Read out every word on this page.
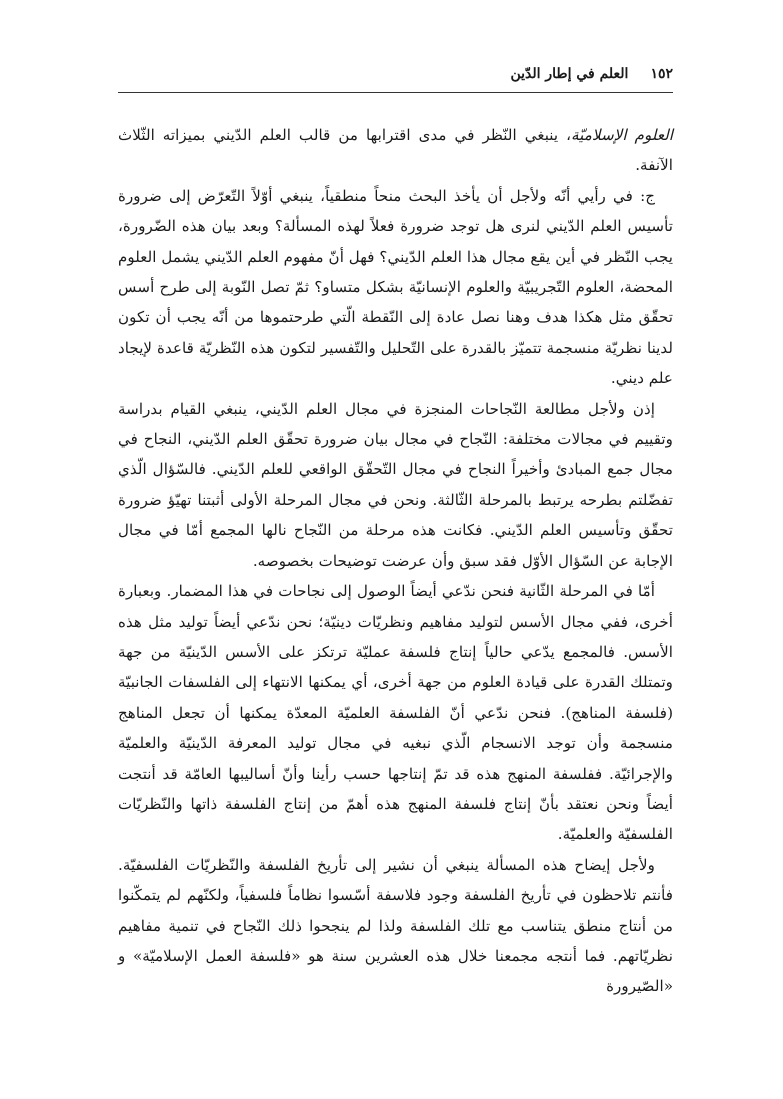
١٥٢
العلم في إطار الدّين

العلوم الإسلاميّة، ينبغي النّظر في مدى اقترابها من قالب العلم الدّيني بميزاته الثّلاث الآنفة.

ج: في رأيي أنّه ولأجل أن يأخذ البحث منحاً منطقياً، ينبغي أوّلاً التّعرّض إلى ضرورة تأسيس العلم الدّيني لنرى هل توجد ضرورة فعلاً لهذه المسألة؟ وبعد بيان هذه الضّرورة، يجب النّظر في أين يقع مجال هذا العلم الدّيني؟ فهل أنّ مفهوم العلم الدّيني يشمل العلوم المحضة، العلوم التّجريبيّة والعلوم الإنسانيّة بشكل متساو؟ ثمّ تصل النّوبة إلى طرح أسس تحقّق مثل هكذا هدف وهنا نصل عادة إلى النّقطة الّتي طرحتموها من أنّه يجب أن تكون لدينا نظريّة منسجمة تتميّز بالقدرة على التّحليل والتّفسير لتكون هذه النّظريّة قاعدة لإيجاد علم ديني.

إذن ولأجل مطالعة النّجاحات المنجزة في مجال العلم الدّيني، ينبغي القيام بدراسة وتقييم في مجالات مختلفة: النّجاح في مجال بيان ضرورة تحقّق العلم الدّيني، النجاح في مجال جمع المبادئ وأخيراً النجاح في مجال التّحقّق الواقعي للعلم الدّيني. فالسّؤال الّذي تفضّلتم بطرحه يرتبط بالمرحلة الثّالثة. ونحن في مجال المرحلة الأولى أثبتنا تهيّؤ ضرورة تحقّق وتأسيس العلم الدّيني. فكانت هذه مرحلة من النّجاح نالها المجمع أمّا في مجال الإجابة عن السّؤال الأوّل فقد سبق وأن عرضت توضيحات بخصوصه.

أمّا في المرحلة الثّانية فنحن ندّعي أيضاً الوصول إلى نجاحات في هذا المضمار. وبعبارة أخرى، ففي مجال الأسس لتوليد مفاهيم ونظريّات دينيّة؛ نحن ندّعي أيضاً توليد مثل هذه الأسس. فالمجمع يدّعي حالياً إنتاج فلسفة عمليّة ترتكز على الأسس الدّينيّة من جهة وتمتلك القدرة على قيادة العلوم من جهة أخرى، أي يمكنها الانتهاء إلى الفلسفات الجانبيّة (فلسفة المناهج). فنحن ندّعي أنّ الفلسفة العلميّة المعدّة يمكنها أن تجعل المناهج منسجمة وأن توجد الانسجام الّذي نبغيه في مجال توليد المعرفة الدّينيّة والعلميّة والإجرائيّة. ففلسفة المنهج هذه قد تمّ إنتاجها حسب رأينا وأنّ أساليبها العامّة قد أنتجت أيضاً ونحن نعتقد بأنّ إنتاج فلسفة المنهج هذه أهمّ من إنتاج الفلسفة ذاتها والنّظريّات الفلسفيّة والعلميّة.

ولأجل إيضاح هذه المسألة ينبغي أن نشير إلى تأريخ الفلسفة والنّظريّات الفلسفيّة. فأنتم تلاحظون في تأريخ الفلسفة وجود فلاسفة أسّسوا نظاماً فلسفياً، ولكنّهم لم يتمكّنوا من أنتاج منطق يتناسب مع تلك الفلسفة ولذا لم ينجحوا ذلك النّجاح في تنمية مفاهيم نظريّاتهم. فما أنتجه مجمعنا خلال هذه العشرين سنة هو «فلسفة العمل الإسلاميّة» و «الصّيرورة
